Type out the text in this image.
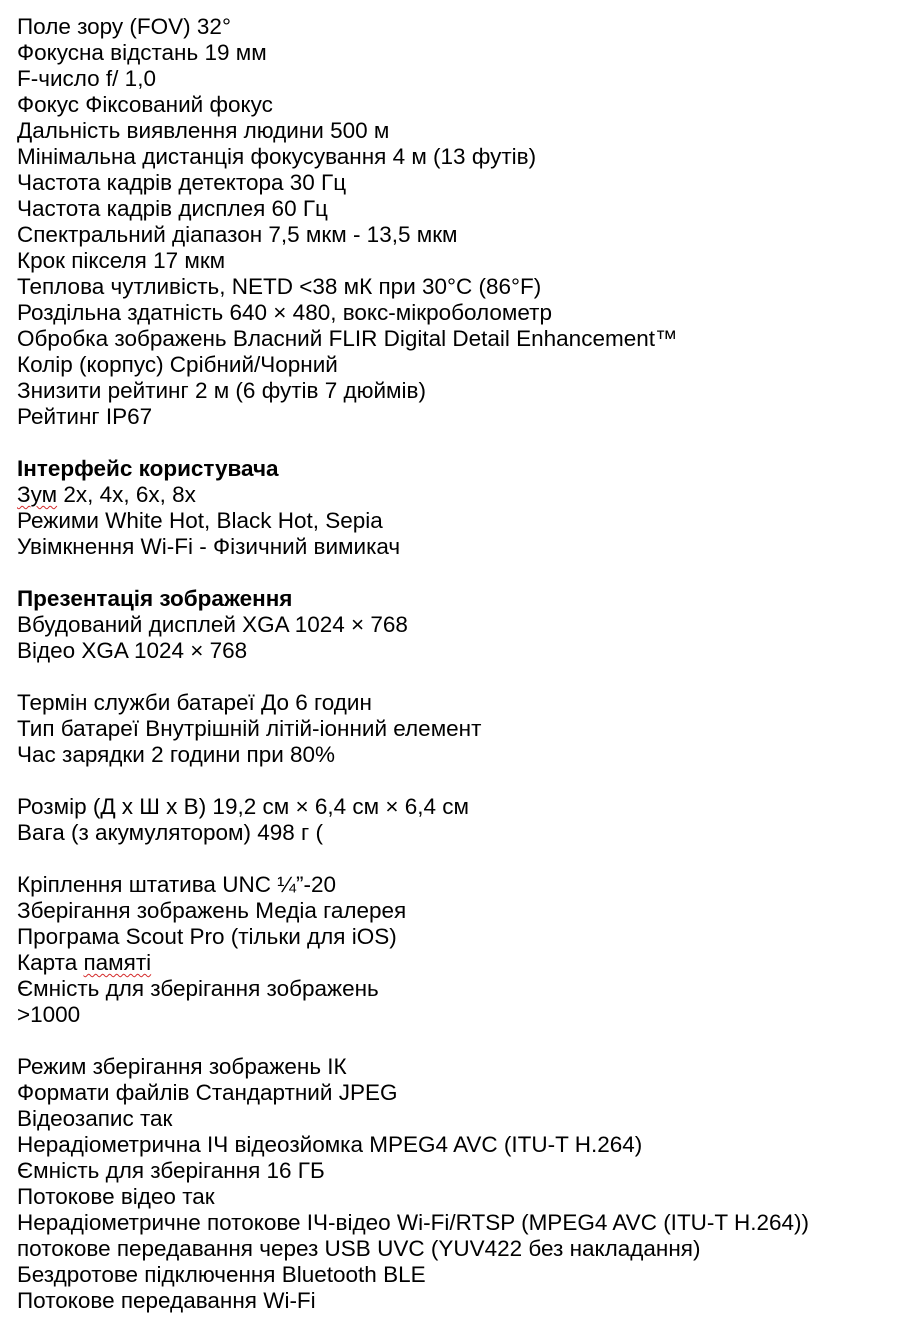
Поле зору (FOV) 32°
Фокусна відстань 19 мм
F-число f/ 1,0
Фокус Фіксований фокус
Дальність виявлення людини 500 м
Мінімальна дистанція фокусування 4 м (13 футів)
Частота кадрів детектора 30 Гц
Частота кадрів дисплея 60 Гц
Спектральний діапазон 7,5 мкм - 13,5 мкм
Крок пікселя 17 мкм
Теплова чутливість, NETD <38 мК при 30°C (86°F)
Роздільна здатність 640 × 480, вокс-мікроболометр
Обробка зображень Власний FLIR Digital Detail Enhancement™
Колір (корпус) Срібний/Чорний
Знизити рейтинг 2 м (6 футів 7 дюймів)
Рейтинг IP67
Інтерфейс користувача
Зум 2x, 4x, 6x, 8x
Режими White Hot, Black Hot, Sepia
Увімкнення Wi-Fi - Фізичний вимикач
Презентація зображення
Вбудований дисплей XGA 1024 × 768
Відео XGA 1024 × 768
Термін служби батареї До 6 годин
Тип батареї Внутрішній літій-іонний елемент
Час зарядки 2 години при 80%
Розмір (Д х Ш х В) 19,2 см × 6,4 см × 6,4 см
Вага (з акумулятором) 498 г (
Кріплення штатива UNC ¼”-20
Зберігання зображень Медіа галерея
Програма Scout Pro (тільки для iOS)
Карта памяті
Ємність для зберігання зображень
>1000
Режим зберігання зображень ІК
Формати файлів Стандартний JPEG
Відеозапис так
Нерадіометрична ІЧ відеозйомка MPEG4 AVC (ITU-T H.264)
Ємність для зберігання 16 ГБ
Потокове відео так
Нерадіометричне потокове ІЧ-відео Wi-Fi/RTSP (MPEG4 AVC (ITU-T H.264))
потокове передавання через USB UVC (YUV422 без накладання)
Бездротове підключення Bluetooth BLE
Потокове передавання Wi-Fi
